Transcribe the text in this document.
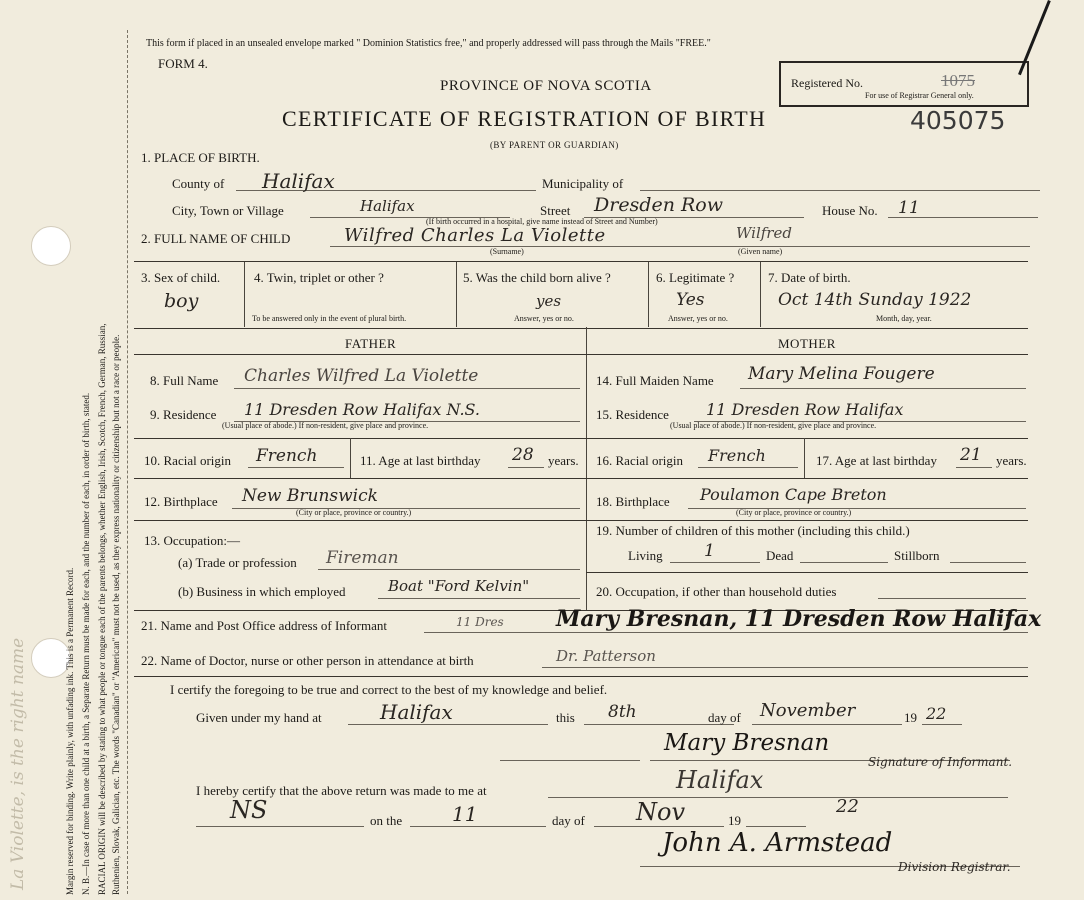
Margin reserved for binding. Write plainly, with unfading ink. This is a Permanent Record. N. B.—In case of more than one child at a birth, a Separate Return must be made for each, and the number of each, in order of birth, stated. RACIAL ORIGIN will be described by stating to what people or tongue each of the parents belongs, whether English, Irish, Scotch, French, German, Russian, Ruthenien, Slovak, Galician, etc. The words "Canadian" or "American" must not be used, as they express nationality or citizenship but not a race or people.
La Violette, is the right name
This form if placed in an unsealed envelope marked " Dominion Statistics free," and properly addressed will pass through the Mails "FREE."
FORM 4.
PROVINCE OF NOVA SCOTIA
CERTIFICATE OF REGISTRATION OF BIRTH
(BY PARENT OR GUARDIAN)
Registered No.	1075
For use of Registrar General only.
405075
1. PLACE OF BIRTH.
County of Halifax	Municipality of
City, Town or Village	Halifax	Street Dresden Row	House No. 11
(If birth occurred in a hospital, give name instead of Street and Number)
2. FULL NAME OF CHILD	Wilfred Charles La Violette	Wilfred
(Surname)	(Given name)
3. Sex of child.
boy
4. Twin, triplet or other ?
To be answered only in the event of plural birth.
5. Was the child born alive ?
yes
Answer, yes or no.
6. Legitimate ?
Yes
Answer, yes or no.
7. Date of birth.
Oct 14th Sunday 1922
Month, day, year.
FATHER	MOTHER
8. Full Name Charles Wilfred La Violette
9. Residence 11 Dresden Row Halifax N.S.
(Usual place of abode.) If non-resident, give place and province.
10. Racial origin French	11. Age at last birthday 28 years.
12. Birthplace New Brunswick
(City or place, province or country.)
13. Occupation:—
(a) Trade or profession Fireman
(b) Business in which employed	Boat "Ford Kelvin"
14. Full Maiden Name Mary Melina Fougere
15. Residence 11 Dresden Row Halifax
(Usual place of abode.) If non-resident, give place and province.
16. Racial origin French	17. Age at last birthday 21 years.
18. Birthplace Poulamon Cape Breton
(City or place, province or country.)
19. Number of children of this mother (including this child.)
Living 1	Dead	Stillborn
20. Occupation, if other than household duties
21. Name and Post Office address of Informant	11 Dres Mary Bresnan, 11 Dresden Row Halifax
22. Name of Doctor, nurse or other person in attendance at birth	Dr. Patterson
I certify the foregoing to be true and correct to the best of my knowledge and belief.
Given under my hand at	Halifax	this 8th	day of November	19 22
Mary Bresnan
Signature of Informant.
I hereby certify that the above return was made to me at	Halifax
NS	on the 11	day of Nov	19
22
John A. Armstead
Division Registrar.
